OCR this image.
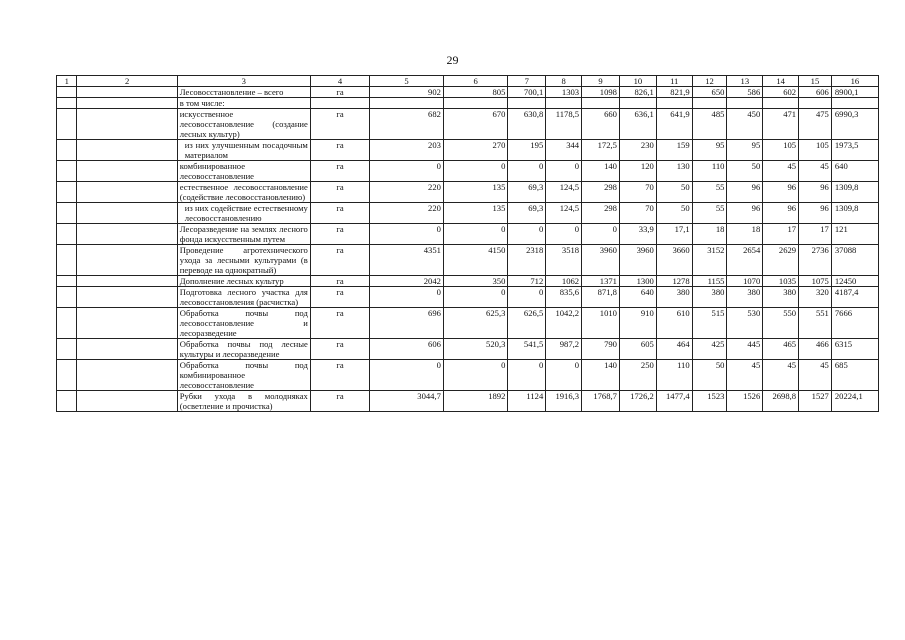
29
1	2	3	4	5	6	7	8	9	10	11	12	13	14	15	16
		Лесовосстановление – всего	га	902	805	700,1	1303	1098	826,1	821,9	650	586	602	606	8900,1
		в том числе:													
		искусственное лесовосстановление (создание лесных культур)	га	682	670	630,8	1178,5	660	636,1	641,9	485	450	471	475	6990,3
		из них улучшенным посадочным материалом	га	203	270	195	344	172,5	230	159	95	95	105	105	1973,5
		комбинированное лесовосстановление	га	0	0	0	0	140	120	130	110	50	45	45	640
		естественное лесовосстановление (содействие лесовосстановлению)	га	220	135	69,3	124,5	298	70	50	55	96	96	96	1309,8
		из них содействие естественному лесовосстановлению	га	220	135	69,3	124,5	298	70	50	55	96	96	96	1309,8
		Лесоразведение на землях лесного фонда искусственным путем	га	0	0	0	0	0	33,9	17,1	18	18	17	17	121
		Проведение агротехнического ухода за лесными культурами (в переводе на однократный)	га	4351	4150	2318	3518	3960	3960	3660	3152	2654	2629	2736	37088
		Дополнение лесных культур	га	2042	350	712	1062	1371	1300	1278	1155	1070	1035	1075	12450
		Подготовка лесного участка для лесовосстановления (расчистка)	га	0	0	0	835,6	871,8	640	380	380	380	380	320	4187,4
		Обработка почвы под лесовосстановление и лесоразведение	га	696	625,3	626,5	1042,2	1010	910	610	515	530	550	551	7666
		Обработка почвы под лесные культуры и лесоразведение	га	606	520,3	541,5	987,2	790	605	464	425	445	465	466	6315
		Обработка почвы под комбинированное лесовосстановление	га	0	0	0	0	140	250	110	50	45	45	45	685
		Рубки ухода в молодняках (осветление и прочистка)	га	3044,7	1892	1124	1916,3	1768,7	1726,2	1477,4	1523	1526	2698,8	1527	20224,1
